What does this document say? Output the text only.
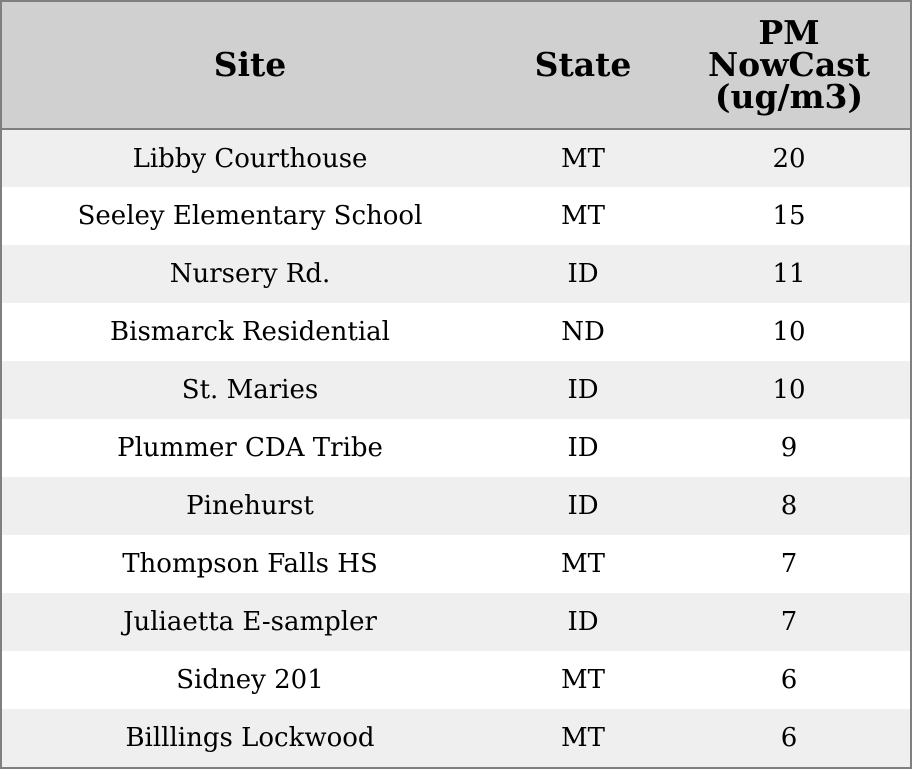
Site	State	PM
NowCast
(ug/m3)

Libby Courthouse	MT	20
Seeley Elementary School	MT	15
Nursery Rd.	ID	11
Bismarck Residential	ND	10
St. Maries	ID	10
Plummer CDA Tribe	ID	9
Pinehurst	ID	8
Thompson Falls HS	MT	7
Juliaetta E-sampler	ID	7
Sidney 201	MT	6
Billlings Lockwood	MT	6
